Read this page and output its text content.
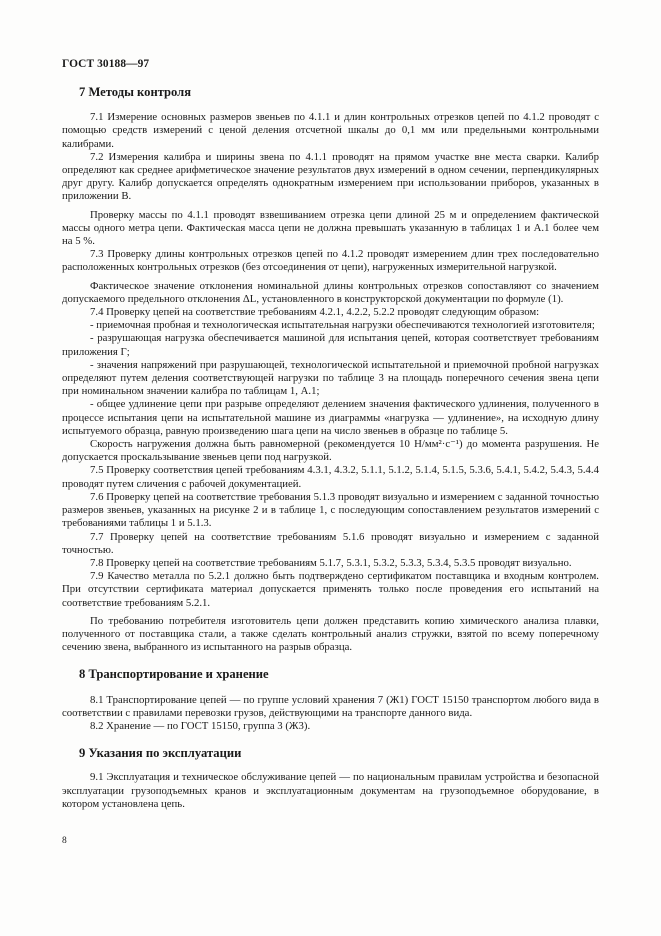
ГОСТ 30188—97
7 Методы контроля

7.1 Измерение основных размеров звеньев по 4.1.1 и длин контрольных отрезков цепей по 4.1.2 проводят с помощью средств измерений с ценой деления отсчетной шкалы до 0,1 мм или предельными контрольными калибрами.

7.2 Измерения калибра и ширины звена по 4.1.1 проводят на прямом участке вне места сварки. Калибр определяют как среднее арифметическое значение результатов двух измерений в одном сечении, перпендикулярных друг другу. Калибр допускается определять однократным измерением при использовании приборов, указанных в приложении В.

Проверку массы по 4.1.1 проводят взвешиванием отрезка цепи длиной 25 м и определением фактической массы одного метра цепи. Фактическая масса цепи не должна превышать указанную в таблицах 1 и А.1 более чем на 5 %.

7.3 Проверку длины контрольных отрезков цепей по 4.1.2 проводят измерением длин трех последовательно расположенных контрольных отрезков (без отсоединения от цепи), нагруженных измерительной нагрузкой.

Фактическое значение отклонения номинальной длины контрольных отрезков сопоставляют со значением допускаемого предельного отклонения ΔL, установленного в конструкторской документации по формуле (1).

7.4 Проверку цепей на соответствие требованиям 4.2.1, 4.2.2, 5.2.2 проводят следующим образом:

- приемочная пробная и технологическая испытательная нагрузки обеспечиваются технологией изготовителя;

- разрушающая нагрузка обеспечивается машиной для испытания цепей, которая соответствует требованиям приложения Г;

- значения напряжений при разрушающей, технологической испытательной и приемочной пробной нагрузках определяют путем деления соответствующей нагрузки по таблице 3 на площадь поперечного сечения звена цепи при номинальном значении калибра по таблицам 1, А.1;

- общее удлинение цепи при разрыве определяют делением значения фактического удлинения, полученного в процессе испытания цепи на испытательной машине из диаграммы «нагрузка — удлинение», на исходную длину испытуемого образца, равную произведению шага цепи на число звеньев в образце по таблице 5.

Скорость нагружения должна быть равномерной (рекомендуется 10 Н/мм²·с⁻¹) до момента разрушения. Не допускается проскальзывание звеньев цепи под нагрузкой.

7.5 Проверку соответствия цепей требованиям 4.3.1, 4.3.2, 5.1.1, 5.1.2, 5.1.4, 5.1.5, 5.3.6, 5.4.1, 5.4.2, 5.4.3, 5.4.4 проводят путем сличения с рабочей документацией.

7.6 Проверку цепей на соответствие требования 5.1.3 проводят визуально и измерением с заданной точностью размеров звеньев, указанных на рисунке 2 и в таблице 1, с последующим сопоставлением результатов измерений с требованиями таблицы 1 и 5.1.3.

7.7 Проверку цепей на соответствие требованиям 5.1.6 проводят визуально и измерением с заданной точностью.

7.8 Проверку цепей на соответствие требованиям 5.1.7, 5.3.1, 5.3.2, 5.3.3, 5.3.4, 5.3.5 проводят визуально.

7.9 Качество металла по 5.2.1 должно быть подтверждено сертификатом поставщика и входным контролем. При отсутствии сертификата материал допускается применять только после проведения его испытаний на соответствие требованиям 5.2.1.

По требованию потребителя изготовитель цепи должен представить копию химического анализа плавки, полученного от поставщика стали, а также сделать контрольный анализ стружки, взятой по всему поперечному сечению звена, выбранного из испытанного на разрыв образца.

8 Транспортирование и хранение

8.1 Транспортирование цепей — по группе условий хранения 7 (Ж1) ГОСТ 15150 транспортом любого вида в соответствии с правилами перевозки грузов, действующими на транспорте данного вида.

8.2 Хранение — по ГОСТ 15150, группа 3 (Ж3).

9 Указания по эксплуатации

9.1 Эксплуатация и техническое обслуживание цепей — по национальным правилам устройства и безопасной эксплуатации грузоподъемных кранов и эксплуатационным документам на грузоподъемное оборудование, в котором установлена цепь.

8
